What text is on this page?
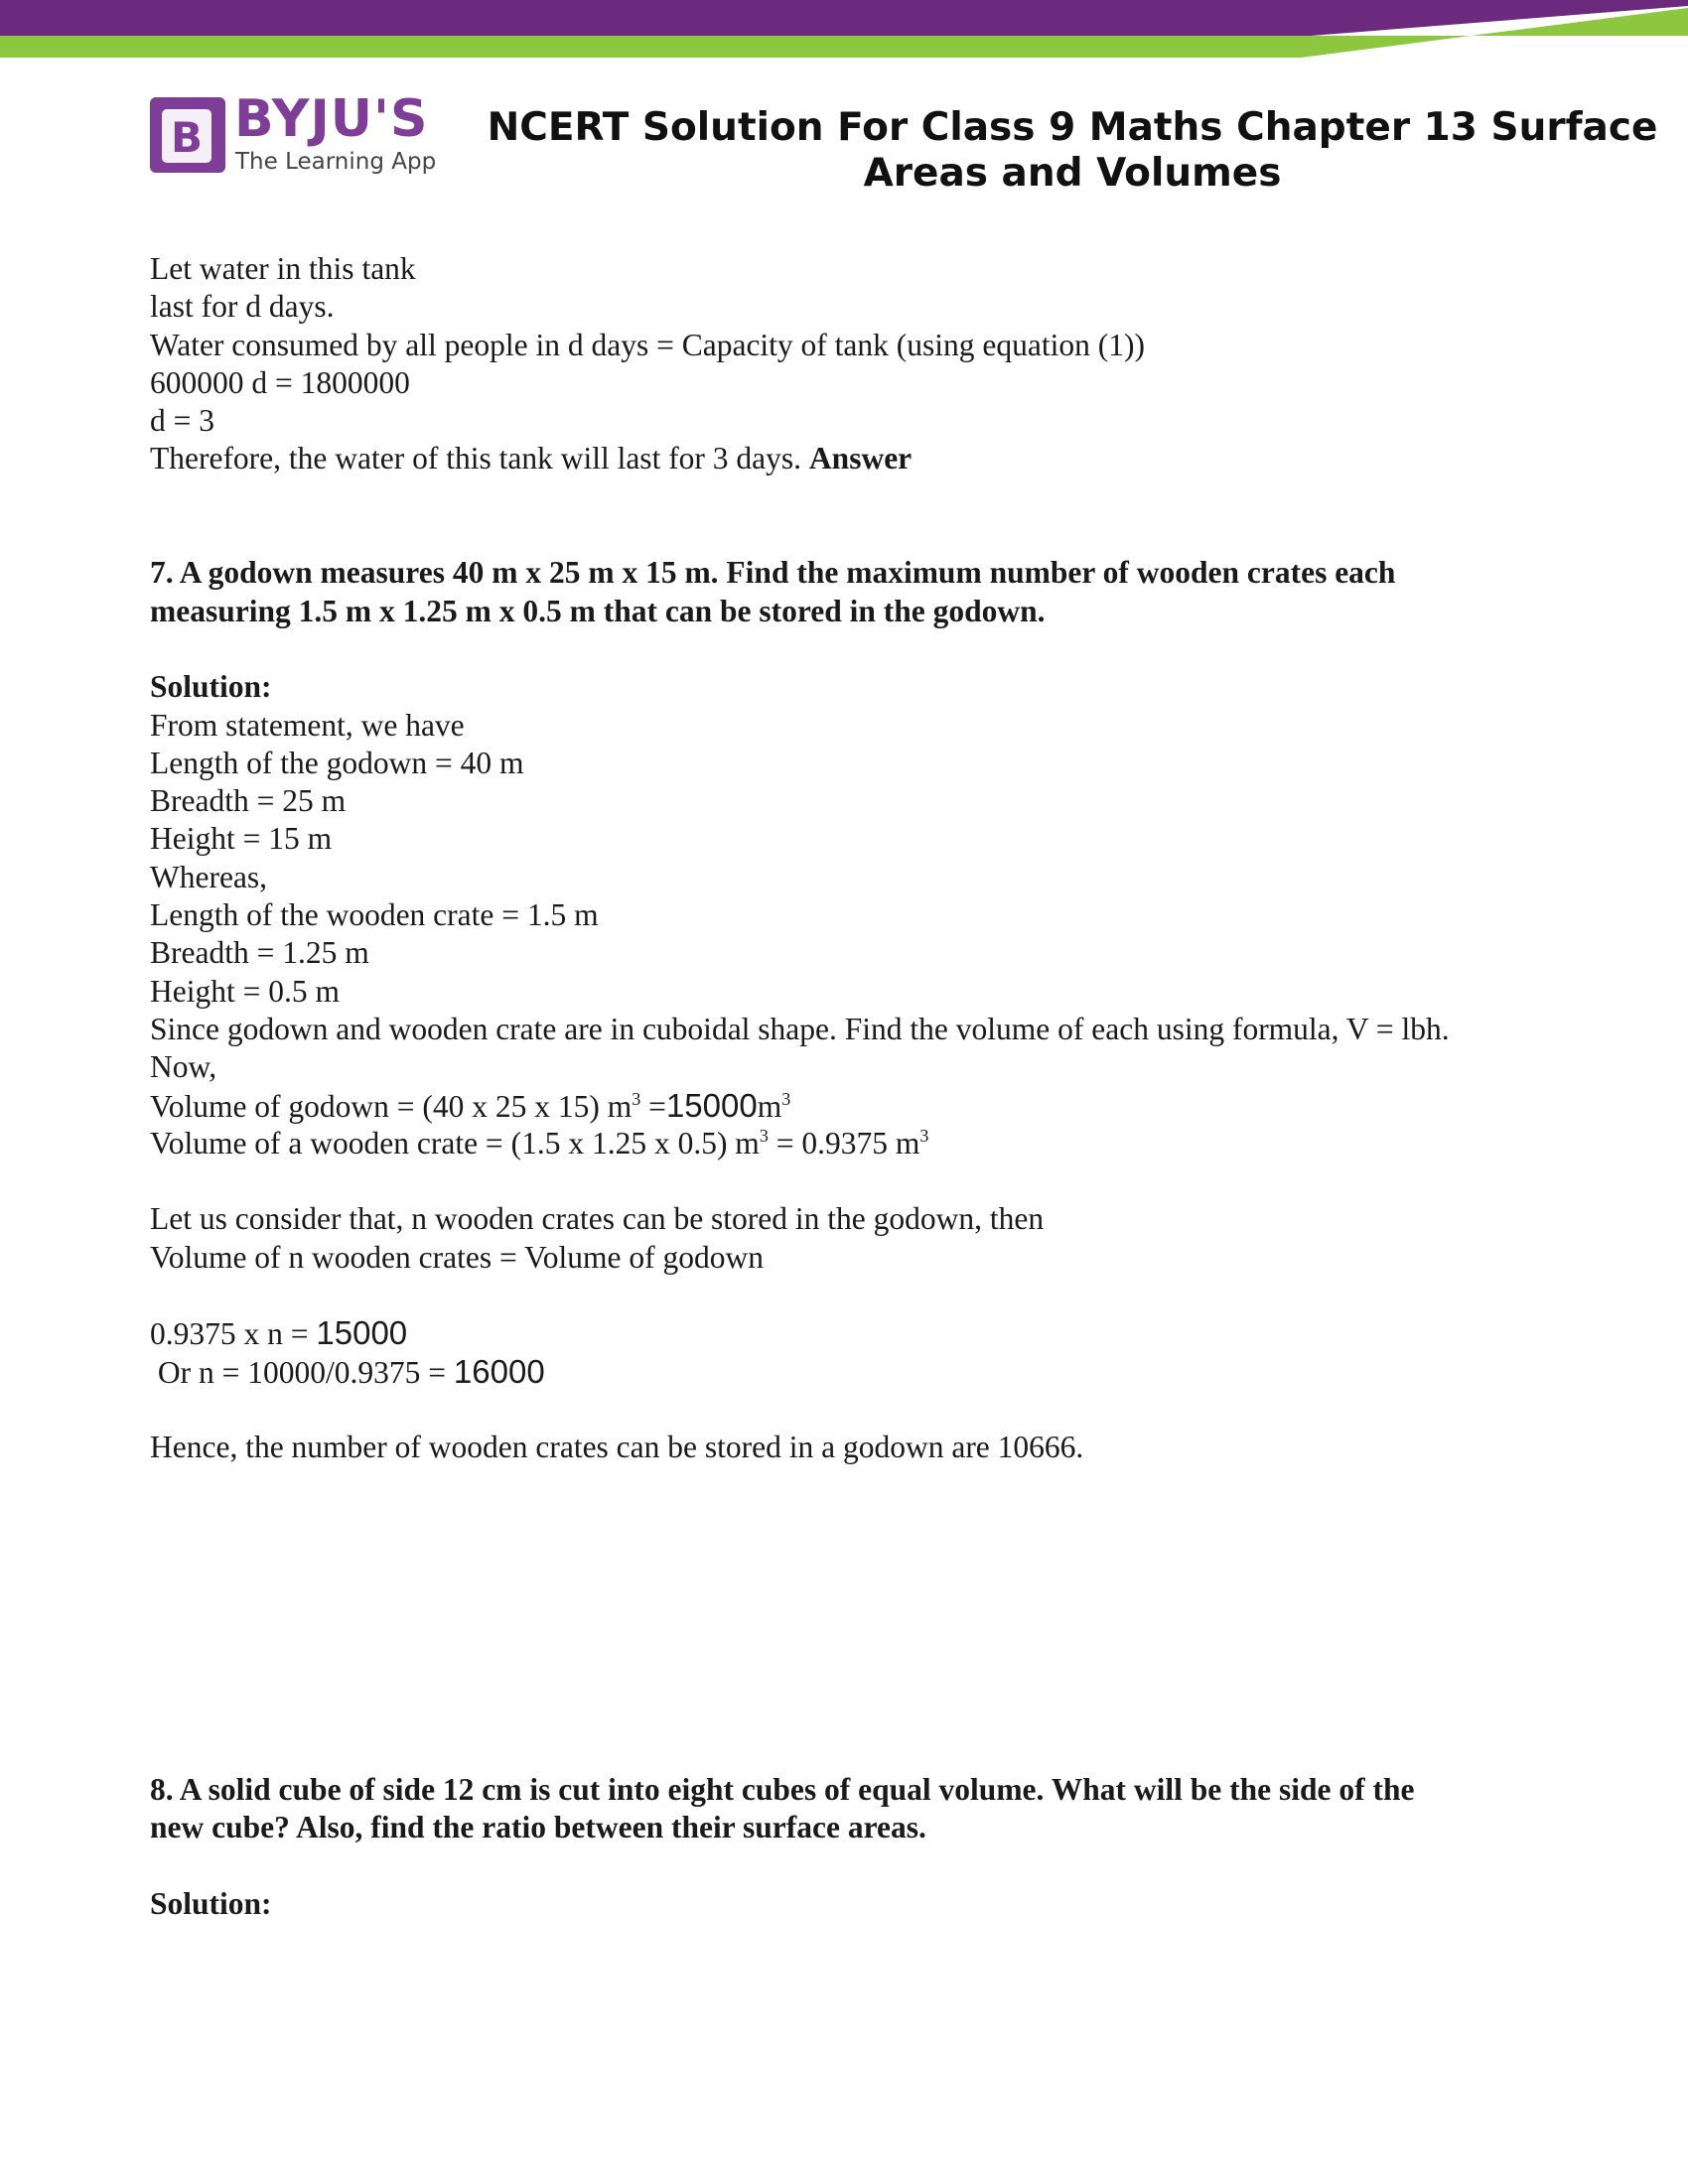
B BYJU'S
The Learning App
NCERT Solution For Class 9 Maths Chapter 13 Surface
Areas and Volumes
Let water in this tank
last for d days.
Water consumed by all people in d days = Capacity of tank (using equation (1))
600000 d = 1800000
d = 3
Therefore, the water of this tank will last for 3 days. Answer
7. A godown measures 40 m x 25 m x 15 m. Find the maximum number of wooden crates each
measuring 1.5 m x 1.25 m x 0.5 m that can be stored in the godown.
Solution:
From statement, we have
Length of the godown = 40 m
Breadth = 25 m
Height = 15 m
Whereas,
Length of the wooden crate = 1.5 m
Breadth = 1.25 m
Height = 0.5 m
Since godown and wooden crate are in cuboidal shape. Find the volume of each using formula, V = lbh.
Now,
Volume of godown = (40 x 25 x 15) $m^3 =15000m^3$
Volume of a wooden crate = (1.5 x 1.25 x 0.5) $m^3 = 0.9375$ $m^3$
Let us consider that, n wooden crates can be stored in the godown, then
Volume of n wooden crates = Volume of godown
0.9375 x n = 15000
Or n = 10000/0.9375 = 16000
Hence, the number of wooden crates can be stored in a godown are 10666.
8. A solid cube of side 12 cm is cut into eight cubes of equal volume. What will be the side of the
new cube? Also, find the ratio between their surface areas.
Solution:
